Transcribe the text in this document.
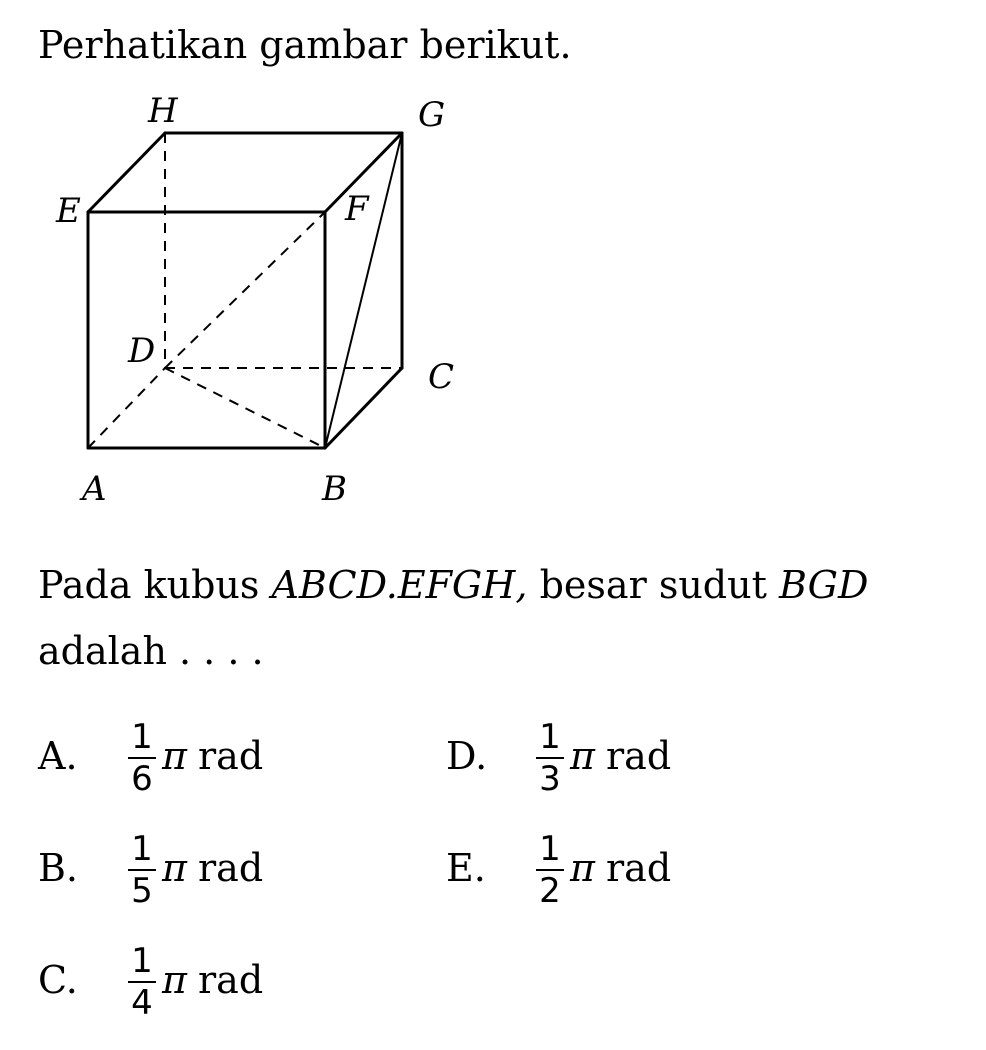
Perhatikan gambar berikut.
H	G
E	F
D
C
A	B
Pada kubus ABCD.EFGH, besar sudut BGD
adalah . . . .
A. 1
6
π rad
B. 1
5
π rad
C. 1
4
π rad
D. 1
3
π rad
E. 1
2
π rad
